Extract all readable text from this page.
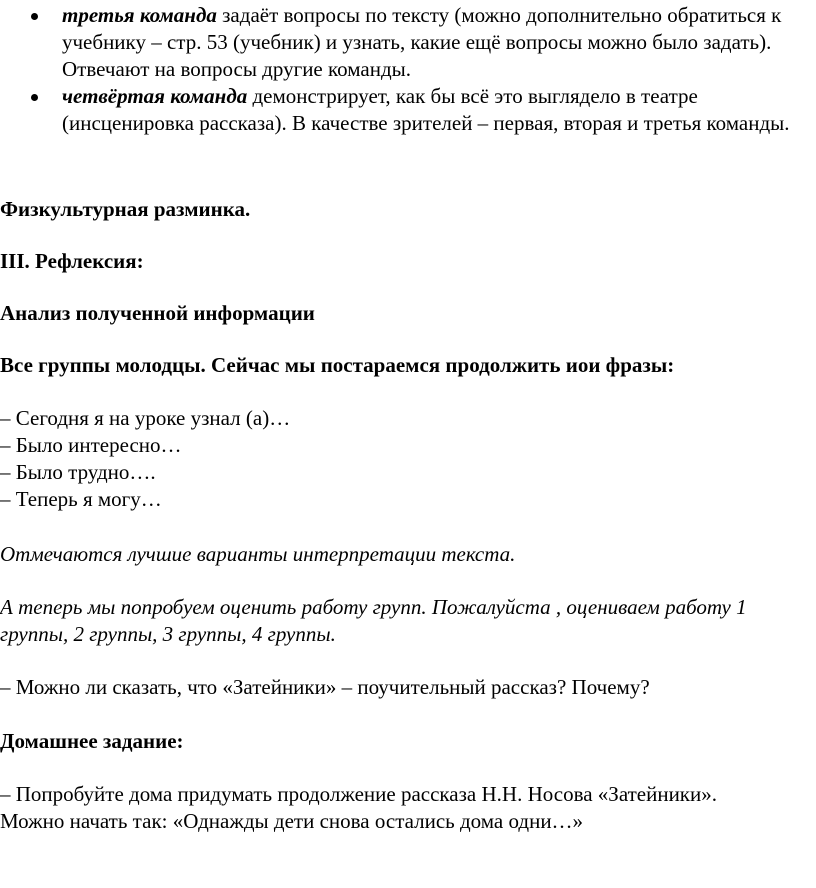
третья команда задаёт вопросы по тексту (можно дополнительно обратиться к учебнику – стр. 53 (учебник) и узнать, какие ещё вопросы можно было задать). Отвечают на вопросы другие команды.
четвёртая команда демонстрирует, как бы всё это выглядело в театре (инсценировка рассказа). В качестве зрителей – первая, вторая и третья команды.

Физкультурная разминка.

III. Рефлексия:

Анализ полученной информации

Все группы молодцы. Сейчас мы постараемся продолжить иои фразы:

– Сегодня я на уроке узнал (а)…
– Было интересно…
– Было трудно….
– Теперь я могу…

Отмечаются лучшие варианты интерпретации текста.

А теперь мы попробуем оценить работу групп. Пожалуйста , оцениваем работу 1 группы, 2 группы, 3 группы, 4 группы.

– Можно ли сказать, что «Затейники» – поучительный рассказ? Почему?

Домашнее задание:

– Попробуйте дома придумать продолжение рассказа Н.Н. Носова «Затейники». Можно начать так: «Однажды дети снова остались дома одни…»
